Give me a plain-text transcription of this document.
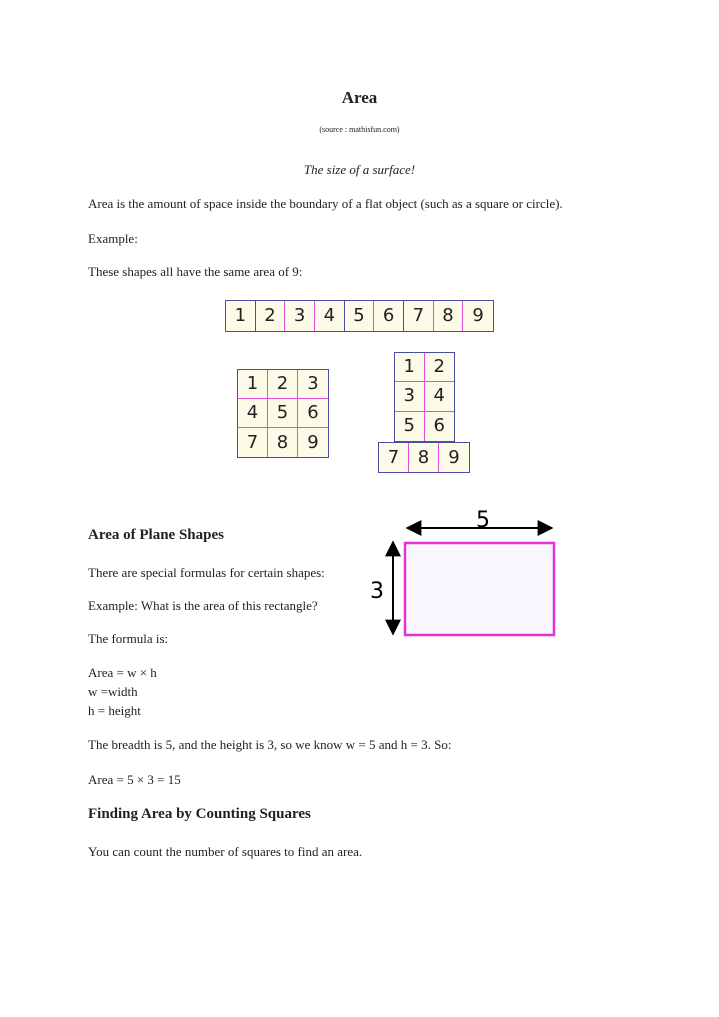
Area
(source : mathisfun.com)
The size of a surface!
Area is the amount of space inside the boundary of a flat object (such as a square or circle).
Example:
These shapes all have the same area of 9:
1	2	3	4	5	6	7	8	9
1	2	3
4	5	6
7	8	9
1	2
3	4
5	6
7	8	9
Area of Plane Shapes
There are special formulas for certain shapes:
Example: What is the area of this rectangle?
The formula is:
Area = w × h
w =width
h = height
The breadth is 5, and the height is 3, so we know w = 5 and h = 3. So:
Area = 5 × 3 = 15
5
3
Finding Area by Counting Squares
You can count the number of squares to find an area.
